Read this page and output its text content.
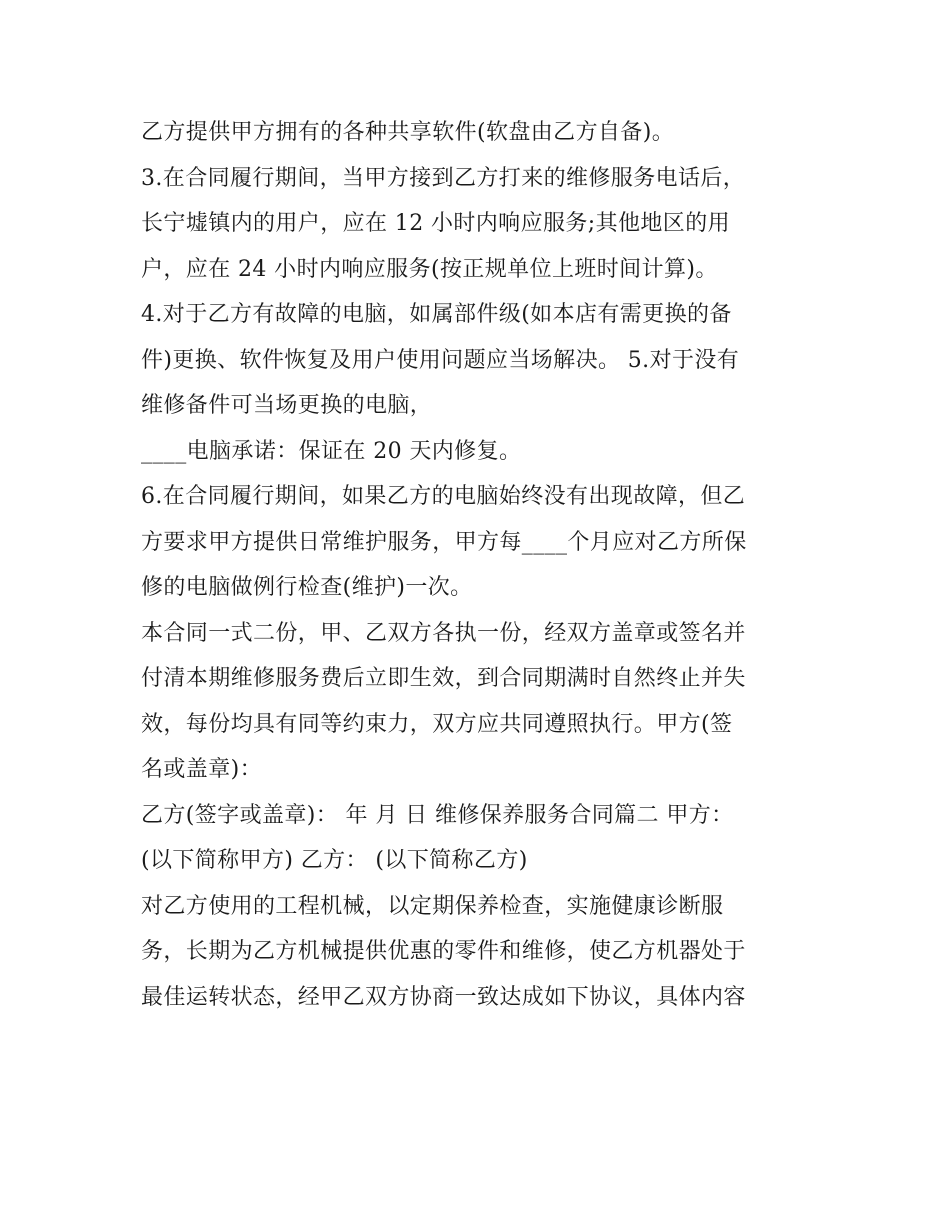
乙方提供甲方拥有的各种共享软件(软盘由乙方自备)。
3.在合同履行期间，当甲方接到乙方打来的维修服务电话后，
长宁墟镇内的用户，应在 12 小时内响应服务;其他地区的用
户，应在 24 小时内响应服务(按正规单位上班时间计算)。
4.对于乙方有故障的电脑，如属部件级(如本店有需更换的备
件)更换、软件恢复及用户使用问题应当场解决。 5.对于没有
维修备件可当场更换的电脑，
____电脑承诺：保证在 20 天内修复。
6.在合同履行期间，如果乙方的电脑始终没有出现故障，但乙
方要求甲方提供日常维护服务，甲方每____个月应对乙方所保
修的电脑做例行检查(维护)一次。
本合同一式二份，甲、乙双方各执一份，经双方盖章或签名并
付清本期维修服务费后立即生效，到合同期满时自然终止并失
效，每份均具有同等约束力，双方应共同遵照执行。甲方(签
名或盖章)：
乙方(签字或盖章)： 年 月 日 维修保养服务合同篇二 甲方：
(以下简称甲方) 乙方： (以下简称乙方)
对乙方使用的工程机械，以定期保养检查，实施健康诊断服
务，长期为乙方机械提供优惠的零件和维修，使乙方机器处于
最佳运转状态，经甲乙双方协商一致达成如下协议，具体内容
